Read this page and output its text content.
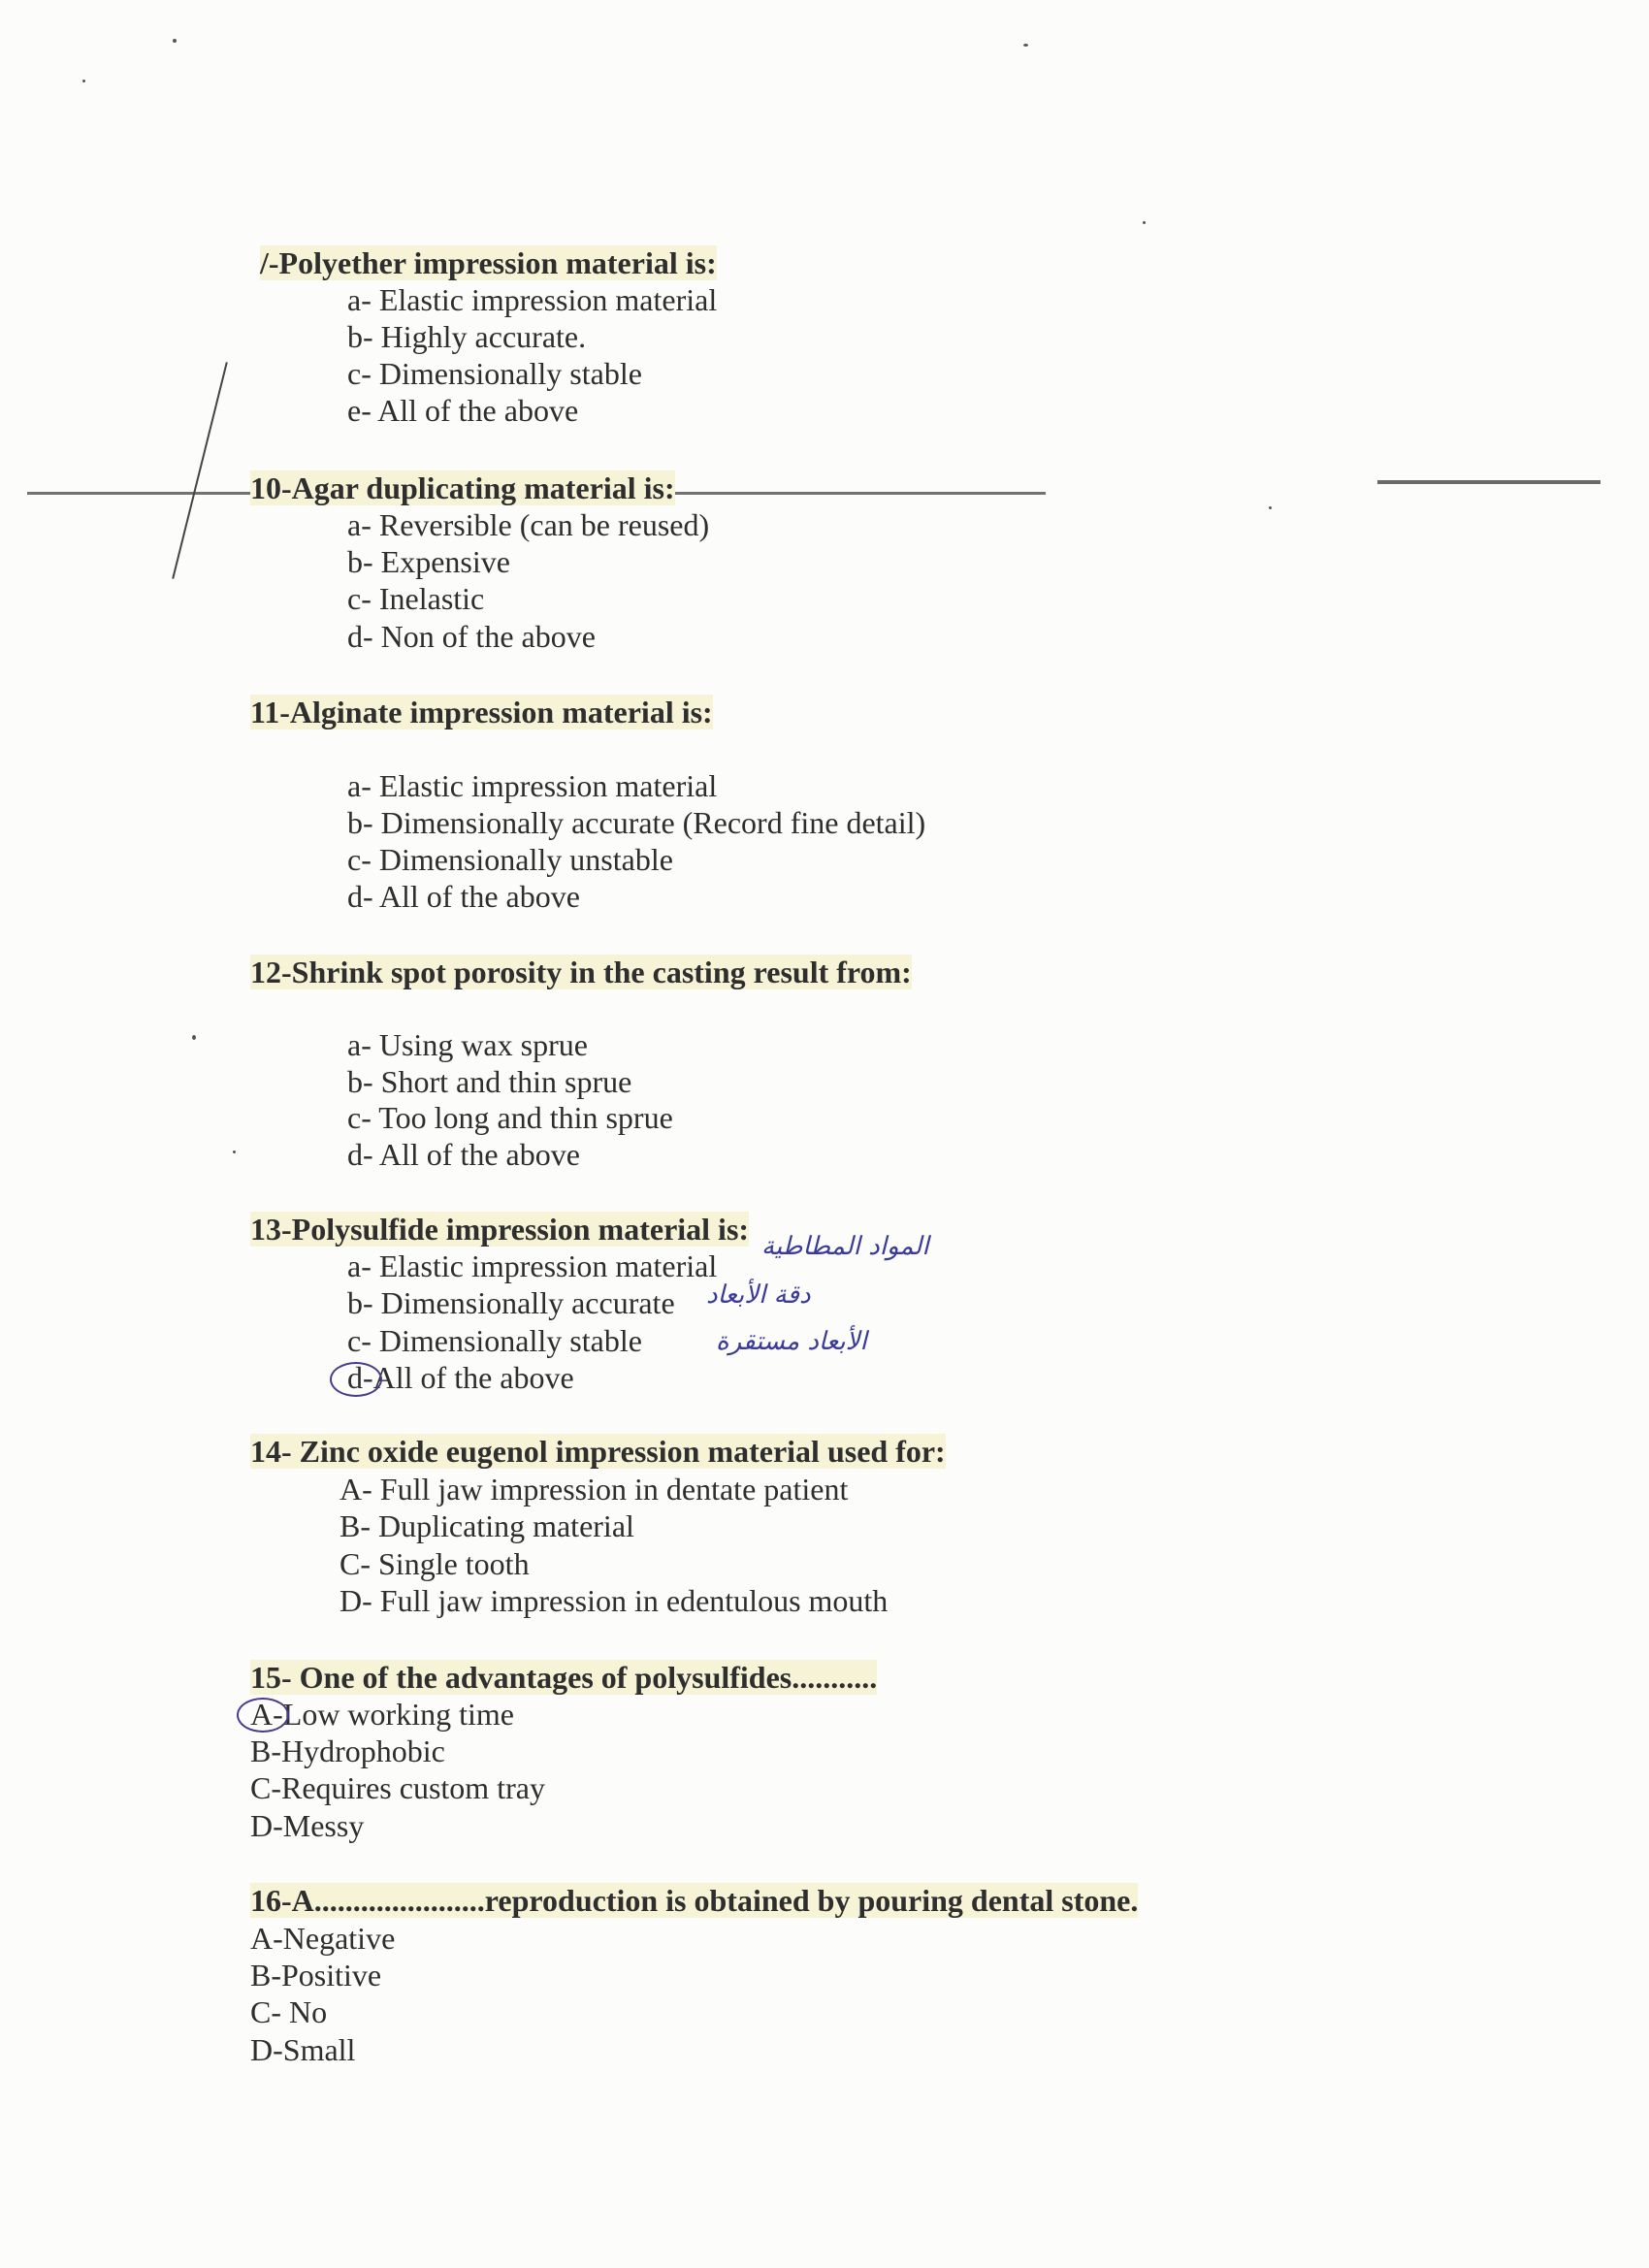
/-Polyether impression material is:
a- Elastic impression material
b- Highly accurate.
c- Dimensionally stable
e- All of the above
10-Agar duplicating material is:
a- Reversible (can be reused)
b- Expensive
c- Inelastic
d- Non of the above
11-Alginate impression material is:
a- Elastic impression material
b- Dimensionally accurate (Record fine detail)
c- Dimensionally unstable
d- All of the above
12-Shrink spot porosity in the casting result from:
a- Using wax sprue
b- Short and thin sprue
c- Too long and thin sprue
d- All of the above
13-Polysulfide impression material is:
a- Elastic impression material
b- Dimensionally accurate
c- Dimensionally stable
d-All of the above
المواد المطاطية
دقة الأبعاد
الأبعاد مستقرة
14- Zinc oxide eugenol impression material used for:
A- Full jaw impression in dentate patient
B- Duplicating material
C- Single tooth
D- Full jaw impression in edentulous mouth
15- One of the advantages of polysulfides...........
A-Low working time
B-Hydrophobic
C-Requires custom tray
D-Messy
16-A......................reproduction is obtained by pouring dental stone.
A-Negative
B-Positive
C- No
D-Small
